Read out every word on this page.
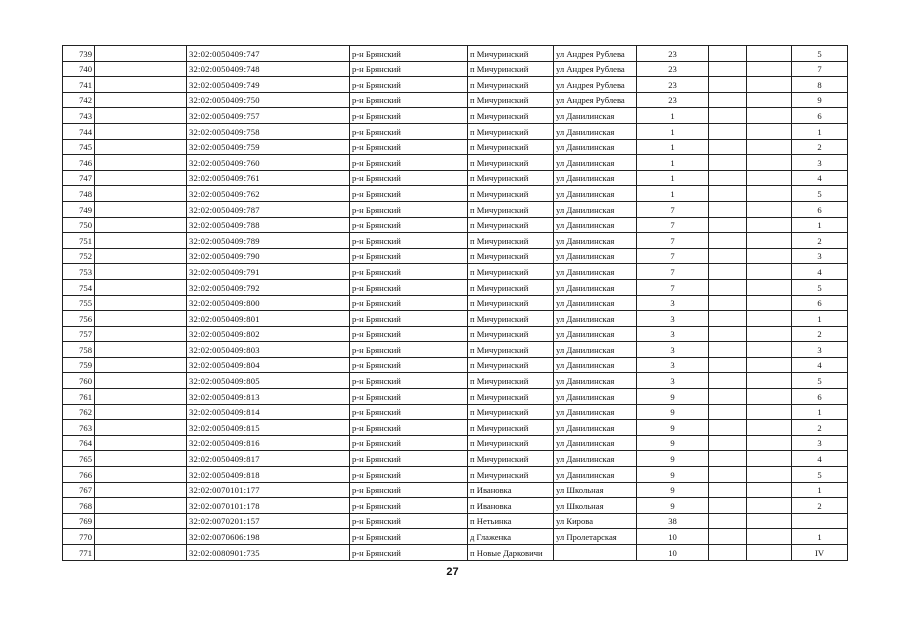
739		32:02:0050409:747	р-н Брянский	п Мичуринский	ул Андрея Рублева	23			5
740		32:02:0050409:748	р-н Брянский	п Мичуринский	ул Андрея Рублева	23			7
741		32:02:0050409:749	р-н Брянский	п Мичуринский	ул Андрея Рублева	23			8
742		32:02:0050409:750	р-н Брянский	п Мичуринский	ул Андрея Рублева	23			9
743		32:02:0050409:757	р-н Брянский	п Мичуринский	ул Данилинская	1			6
744		32:02:0050409:758	р-н Брянский	п Мичуринский	ул Данилинская	1			1
745		32:02:0050409:759	р-н Брянский	п Мичуринский	ул Данилинская	1			2
746		32:02:0050409:760	р-н Брянский	п Мичуринский	ул Данилинская	1			3
747		32:02:0050409:761	р-н Брянский	п Мичуринский	ул Данилинская	1			4
748		32:02:0050409:762	р-н Брянский	п Мичуринский	ул Данилинская	1			5
749		32:02:0050409:787	р-н Брянский	п Мичуринский	ул Данилинская	7			6
750		32:02:0050409:788	р-н Брянский	п Мичуринский	ул Данилинская	7			1
751		32:02:0050409:789	р-н Брянский	п Мичуринский	ул Данилинская	7			2
752		32:02:0050409:790	р-н Брянский	п Мичуринский	ул Данилинская	7			3
753		32:02:0050409:791	р-н Брянский	п Мичуринский	ул Данилинская	7			4
754		32:02:0050409:792	р-н Брянский	п Мичуринский	ул Данилинская	7			5
755		32:02:0050409:800	р-н Брянский	п Мичуринский	ул Данилинская	3			6
756		32:02:0050409:801	р-н Брянский	п Мичуринский	ул Данилинская	3			1
757		32:02:0050409:802	р-н Брянский	п Мичуринский	ул Данилинская	3			2
758		32:02:0050409:803	р-н Брянский	п Мичуринский	ул Данилинская	3			3
759		32:02:0050409:804	р-н Брянский	п Мичуринский	ул Данилинская	3			4
760		32:02:0050409:805	р-н Брянский	п Мичуринский	ул Данилинская	3			5
761		32:02:0050409:813	р-н Брянский	п Мичуринский	ул Данилинская	9			6
762		32:02:0050409:814	р-н Брянский	п Мичуринский	ул Данилинская	9			1
763		32:02:0050409:815	р-н Брянский	п Мичуринский	ул Данилинская	9			2
764		32:02:0050409:816	р-н Брянский	п Мичуринский	ул Данилинская	9			3
765		32:02:0050409:817	р-н Брянский	п Мичуринский	ул Данилинская	9			4
766		32:02:0050409:818	р-н Брянский	п Мичуринский	ул Данилинская	9			5
767		32:02:0070101:177	р-н Брянский	п Ивановка	ул Школьная	9			1
768		32:02:0070101:178	р-н Брянский	п Ивановка	ул Школьная	9			2
769		32:02:0070201:157	р-н Брянский	п Нетьинка	ул Кирова	38			
770		32:02:0070606:198	р-н Брянский	д Глаженка	ул Пролетарская	10			1
771		32:02:0080901:735	р-н Брянский	п Новые Дарковичи		10			IV
27
